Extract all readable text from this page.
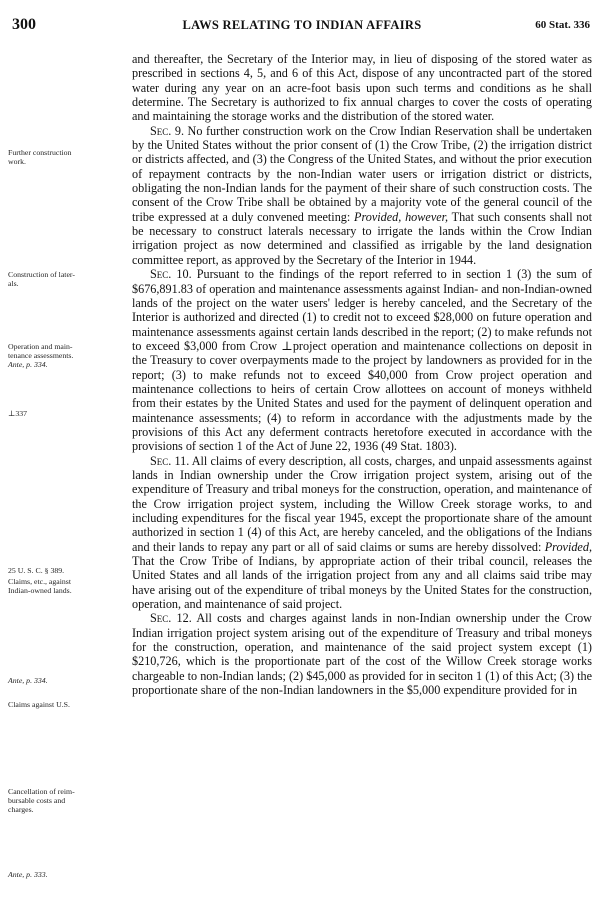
300	LAWS RELATING TO INDIAN AFFAIRS	60 Stat. 336
Further construction
work.
Construction of later-
als.
Operation and main-
tenance assessments.
Ante, p. 334.
⊥337
25 U. S. C. § 389.
Claims, etc., against
Indian-owned lands.
Ante, p. 334.
Claims against U.S.
Cancellation of reim-
bursable costs and
charges.
Ante, p. 333.

and thereafter, the Secretary of the Interior may, in lieu of disposing of the stored water as prescribed in sections 4, 5, and 6 of this Act, dispose of any uncontracted part of the stored water during any year on an acre-foot basis upon such terms and conditions as he shall determine. The Secretary is authorized to fix annual charges to cover the costs of operating and maintaining the storage works and the distribution of the stored water.

Sec. 9. No further construction work on the Crow Indian Reservation shall be undertaken by the United States without the prior consent of (1) the Crow Tribe, (2) the irrigation district or districts affected, and (3) the Congress of the United States, and without the prior execution of repayment contracts by the non-Indian water users or irrigation district or districts, obligating the non-Indian lands for the payment of their share of such construction costs. The consent of the Crow Tribe shall be obtained by a majority vote of the general council of the tribe expressed at a duly convened meeting: Provided, however, That such consents shall not be necessary to construct laterals necessary to irrigate the lands within the Crow Indian irrigation project as now determined and classified as irrigable by the land designation committee report, as approved by the Secretary of the Interior in 1944.

Sec. 10. Pursuant to the findings of the report referred to in section 1 (3) the sum of $676,891.83 of operation and maintenance assessments against Indian- and non-Indian-owned lands of the project on the water users' ledger is hereby canceled, and the Secretary of the Interior is authorized and directed (1) to credit not to exceed $28,000 on future operation and maintenance assessments against certain lands described in the report; (2) to make refunds not to exceed $3,000 from Crow ⊥project operation and maintenance collections on deposit in the Treasury to cover overpayments made to the project by landowners as provided for in the report; (3) to make refunds not to exceed $40,000 from Crow project operation and maintenance collections to heirs of certain Crow allottees on account of moneys withheld from their estates by the United States and used for the payment of delinquent operation and maintenance assessments; (4) to reform in accordance with the adjustments made by the provisions of this Act any deferment contracts heretofore executed in accordance with the provisions of section 1 of the Act of June 22, 1936 (49 Stat. 1803).

Sec. 11. All claims of every description, all costs, charges, and unpaid assessments against lands in Indian ownership under the Crow irrigation project system, arising out of the expenditure of Treasury and tribal moneys for the construction, operation, and maintenance of the Crow irrigation project system, including the Willow Creek storage works, to and including expenditures for the fiscal year 1945, except the proportionate share of the amount authorized in section 1 (4) of this Act, are hereby canceled, and the obligations of the Indians and their lands to repay any part or all of said claims or sums are hereby dissolved: Provided, That the Crow Tribe of Indians, by appropriate action of their tribal council, releases the United States and all lands of the irrigation project from any and all claims said tribe may have arising out of the expenditure of tribal moneys by the United States for the construction, operation, and maintenance of said project.

Sec. 12. All costs and charges against lands in non-Indian ownership under the Crow Indian irrigation project system arising out of the expenditure of Treasury and tribal moneys for the construction, operation, and maintenance of the said project system except (1) $210,726, which is the proportionate part of the cost of the Willow Creek storage works chargeable to non-Indian lands; (2) $45,000 as provided for in seciton 1 (1) of this Act; (3) the proportionate share of the non-Indian landowners in the $5,000 expenditure provided for in
